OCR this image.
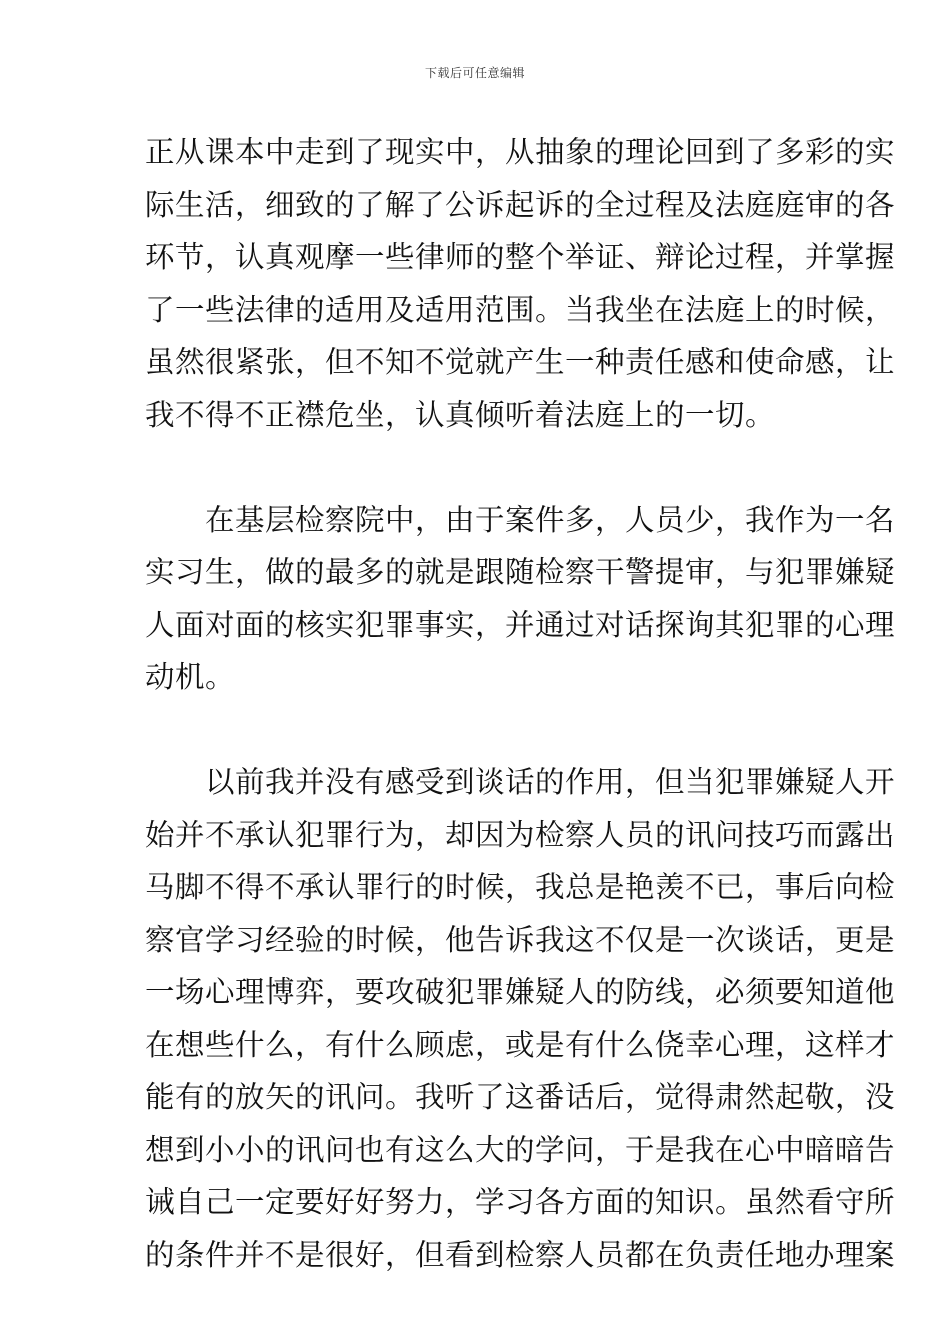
下载后可任意编辑
正从课本中走到了现实中，从抽象的理论回到了多彩的实
际生活，细致的了解了公诉起诉的全过程及法庭庭审的各
环节，认真观摩一些律师的整个举证、辩论过程，并掌握
了一些法律的适用及适用范围。当我坐在法庭上的时候，
虽然很紧张，但不知不觉就产生一种责任感和使命感，让
我不得不正襟危坐，认真倾听着法庭上的一切。
　　在基层检察院中，由于案件多，人员少，我作为一名
实习生，做的最多的就是跟随检察干警提审，与犯罪嫌疑
人面对面的核实犯罪事实，并通过对话探询其犯罪的心理
动机。
　　以前我并没有感受到谈话的作用，但当犯罪嫌疑人开
始并不承认犯罪行为，却因为检察人员的讯问技巧而露出
马脚不得不承认罪行的时候，我总是艳羡不已，事后向检
察官学习经验的时候，他告诉我这不仅是一次谈话，更是
一场心理博弈，要攻破犯罪嫌疑人的防线，必须要知道他
在想些什么，有什么顾虑，或是有什么侥幸心理，这样才
能有的放矢的讯问。我听了这番话后，觉得肃然起敬，没
想到小小的讯问也有这么大的学问，于是我在心中暗暗告
诫自己一定要好好努力，学习各方面的知识。虽然看守所
的条件并不是很好，但看到检察人员都在负责任地办理案
